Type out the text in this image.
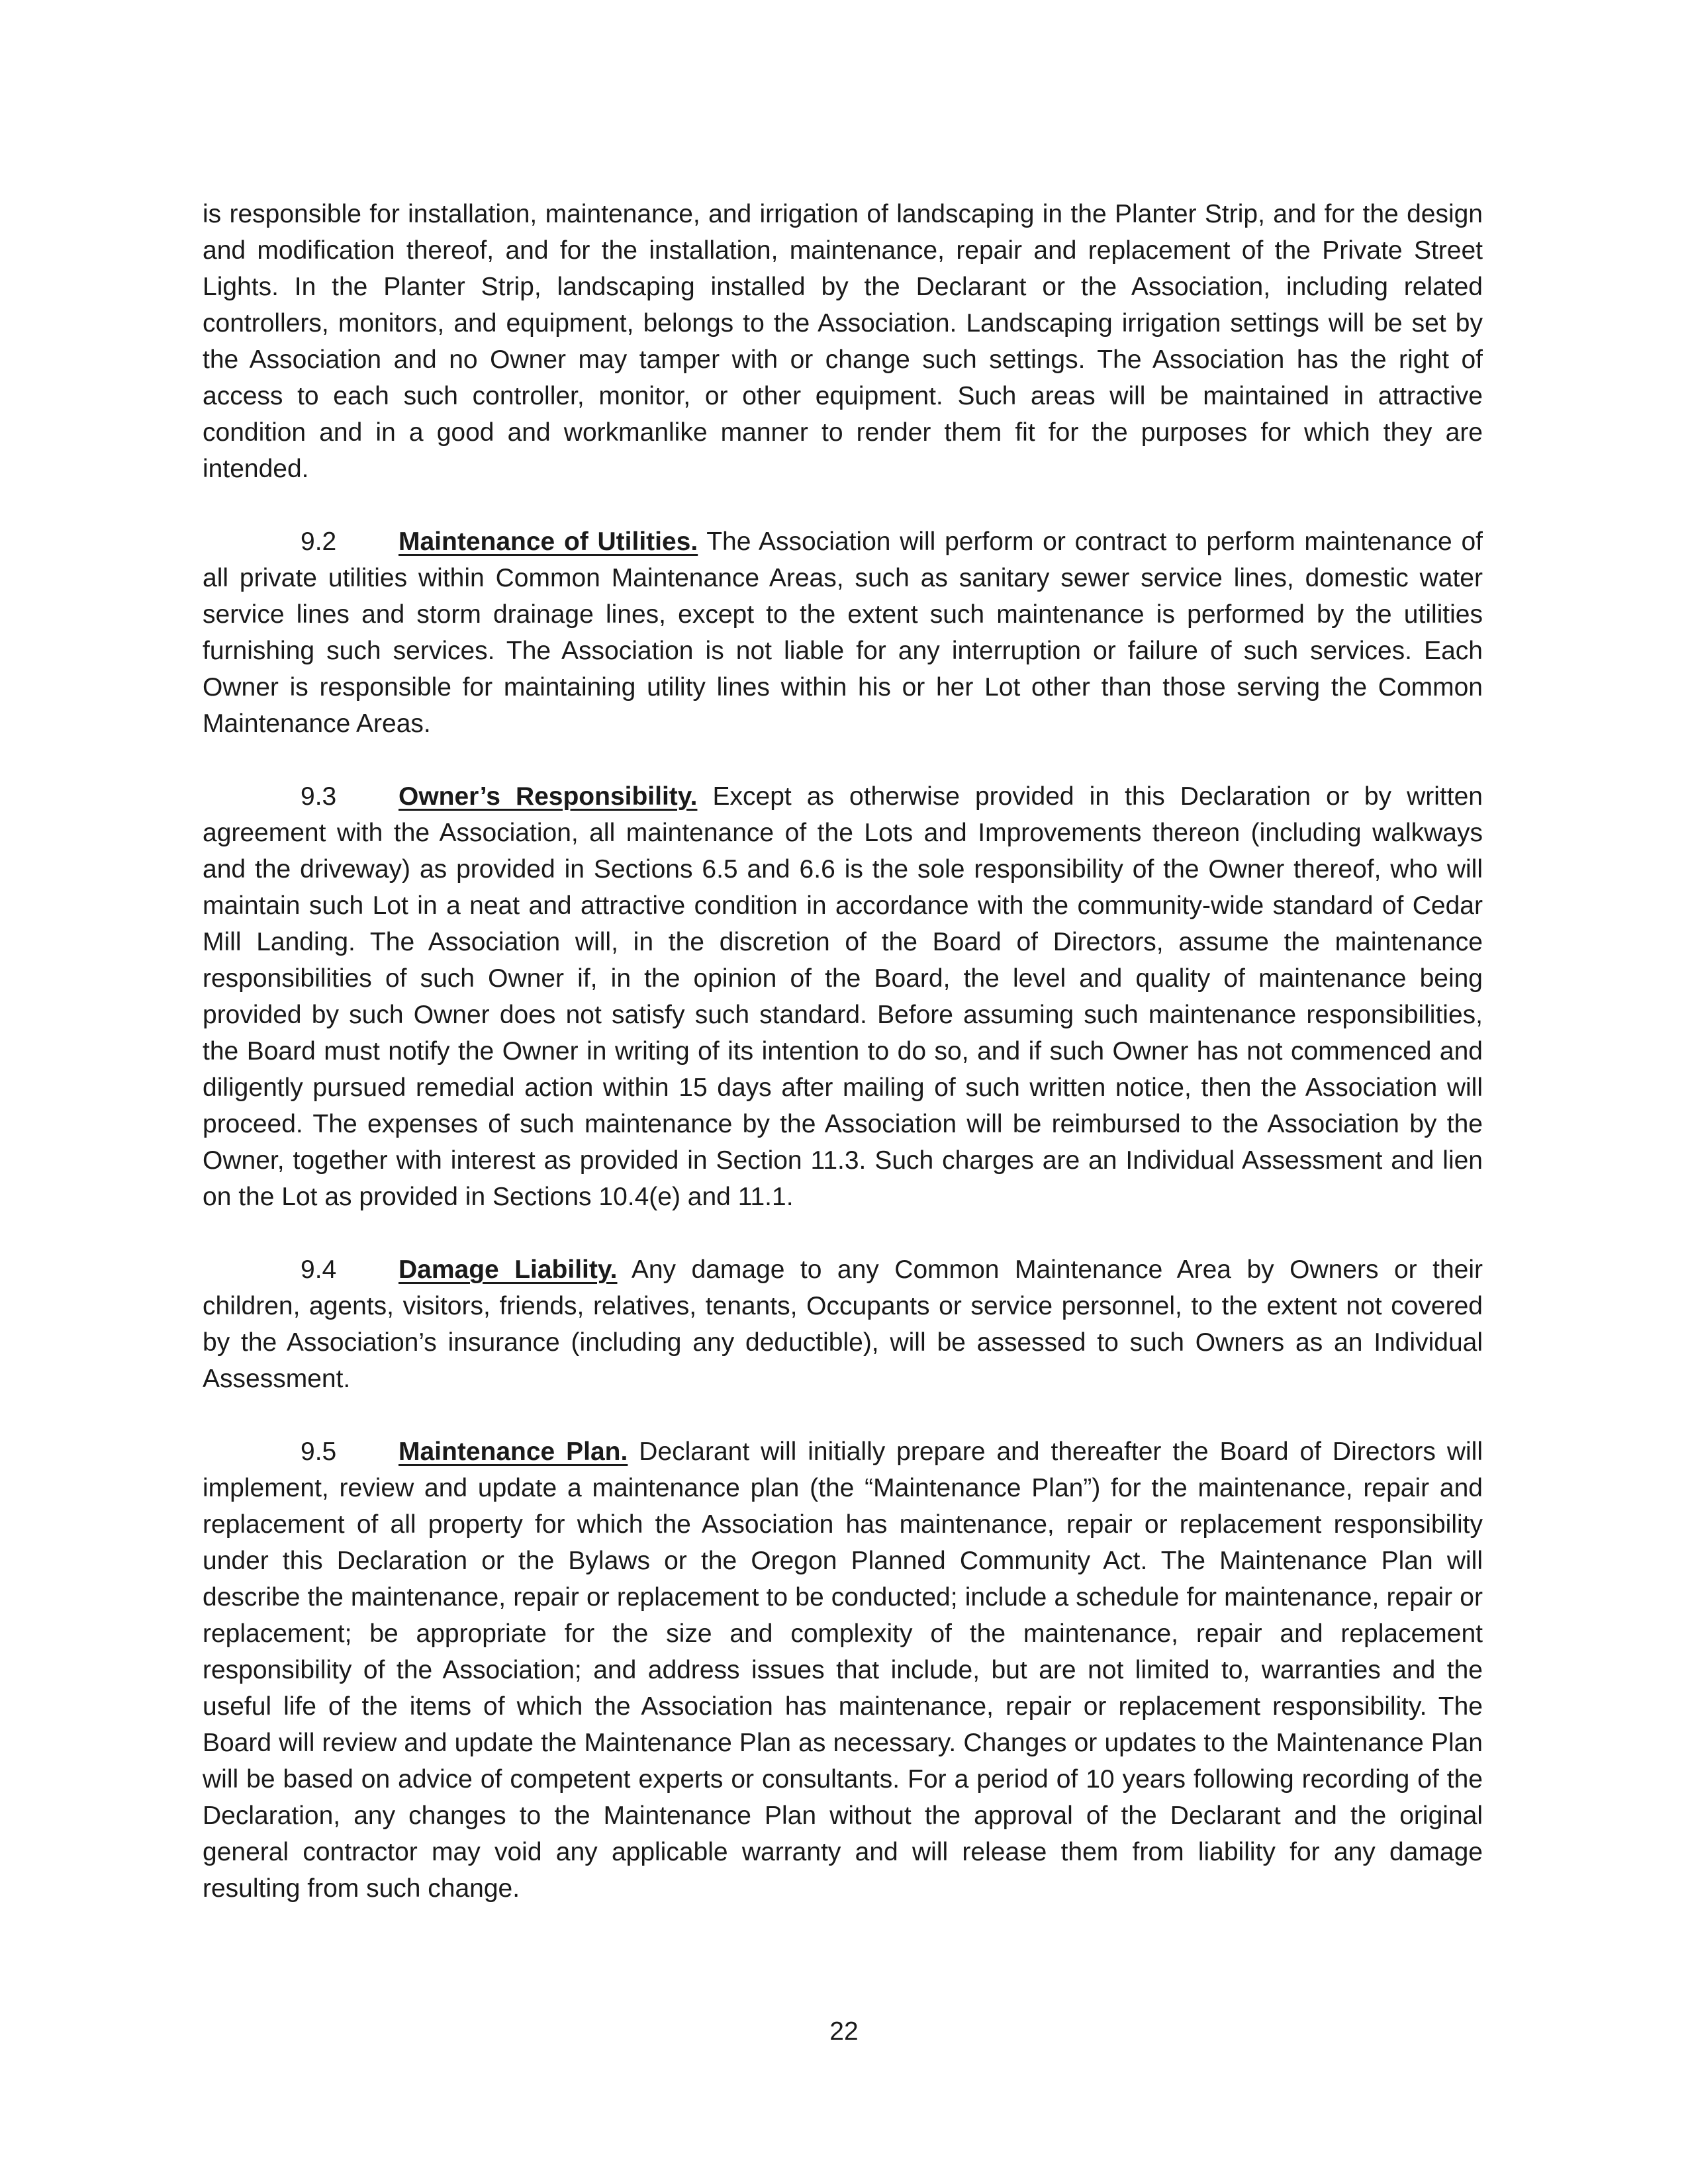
is responsible for installation, maintenance, and irrigation of landscaping in the Planter Strip, and for the design and modification thereof, and for the installation, maintenance, repair and replacement of the Private Street Lights. In the Planter Strip, landscaping installed by the Declarant or the Association, including related controllers, monitors, and equipment, belongs to the Association. Landscaping irrigation settings will be set by the Association and no Owner may tamper with or change such settings. The Association has the right of access to each such controller, monitor, or other equipment. Such areas will be maintained in attractive condition and in a good and workmanlike manner to render them fit for the purposes for which they are intended.

9.2 Maintenance of Utilities. The Association will perform or contract to perform maintenance of all private utilities within Common Maintenance Areas, such as sanitary sewer service lines, domestic water service lines and storm drainage lines, except to the extent such maintenance is performed by the utilities furnishing such services. The Association is not liable for any interruption or failure of such services. Each Owner is responsible for maintaining utility lines within his or her Lot other than those serving the Common Maintenance Areas.

9.3 Owner’s Responsibility. Except as otherwise provided in this Declaration or by written agreement with the Association, all maintenance of the Lots and Improvements thereon (including walkways and the driveway) as provided in Sections 6.5 and 6.6 is the sole responsibility of the Owner thereof, who will maintain such Lot in a neat and attractive condition in accordance with the community-wide standard of Cedar Mill Landing. The Association will, in the discretion of the Board of Directors, assume the maintenance responsibilities of such Owner if, in the opinion of the Board, the level and quality of maintenance being provided by such Owner does not satisfy such standard. Before assuming such maintenance responsibilities, the Board must notify the Owner in writing of its intention to do so, and if such Owner has not commenced and diligently pursued remedial action within 15 days after mailing of such written notice, then the Association will proceed. The expenses of such maintenance by the Association will be reimbursed to the Association by the Owner, together with interest as provided in Section 11.3. Such charges are an Individual Assessment and lien on the Lot as provided in Sections 10.4(e) and 11.1.

9.4 Damage Liability. Any damage to any Common Maintenance Area by Owners or their children, agents, visitors, friends, relatives, tenants, Occupants or service personnel, to the extent not covered by the Association’s insurance (including any deductible), will be assessed to such Owners as an Individual Assessment.

9.5 Maintenance Plan. Declarant will initially prepare and thereafter the Board of Directors will implement, review and update a maintenance plan (the “Maintenance Plan”) for the maintenance, repair and replacement of all property for which the Association has maintenance, repair or replacement responsibility under this Declaration or the Bylaws or the Oregon Planned Community Act. The Maintenance Plan will describe the maintenance, repair or replacement to be conducted; include a schedule for maintenance, repair or replacement; be appropriate for the size and complexity of the maintenance, repair and replacement responsibility of the Association; and address issues that include, but are not limited to, warranties and the useful life of the items of which the Association has maintenance, repair or replacement responsibility. The Board will review and update the Maintenance Plan as necessary. Changes or updates to the Maintenance Plan will be based on advice of competent experts or consultants. For a period of 10 years following recording of the Declaration, any changes to the Maintenance Plan without the approval of the Declarant and the original general contractor may void any applicable warranty and will release them from liability for any damage resulting from such change.

22
